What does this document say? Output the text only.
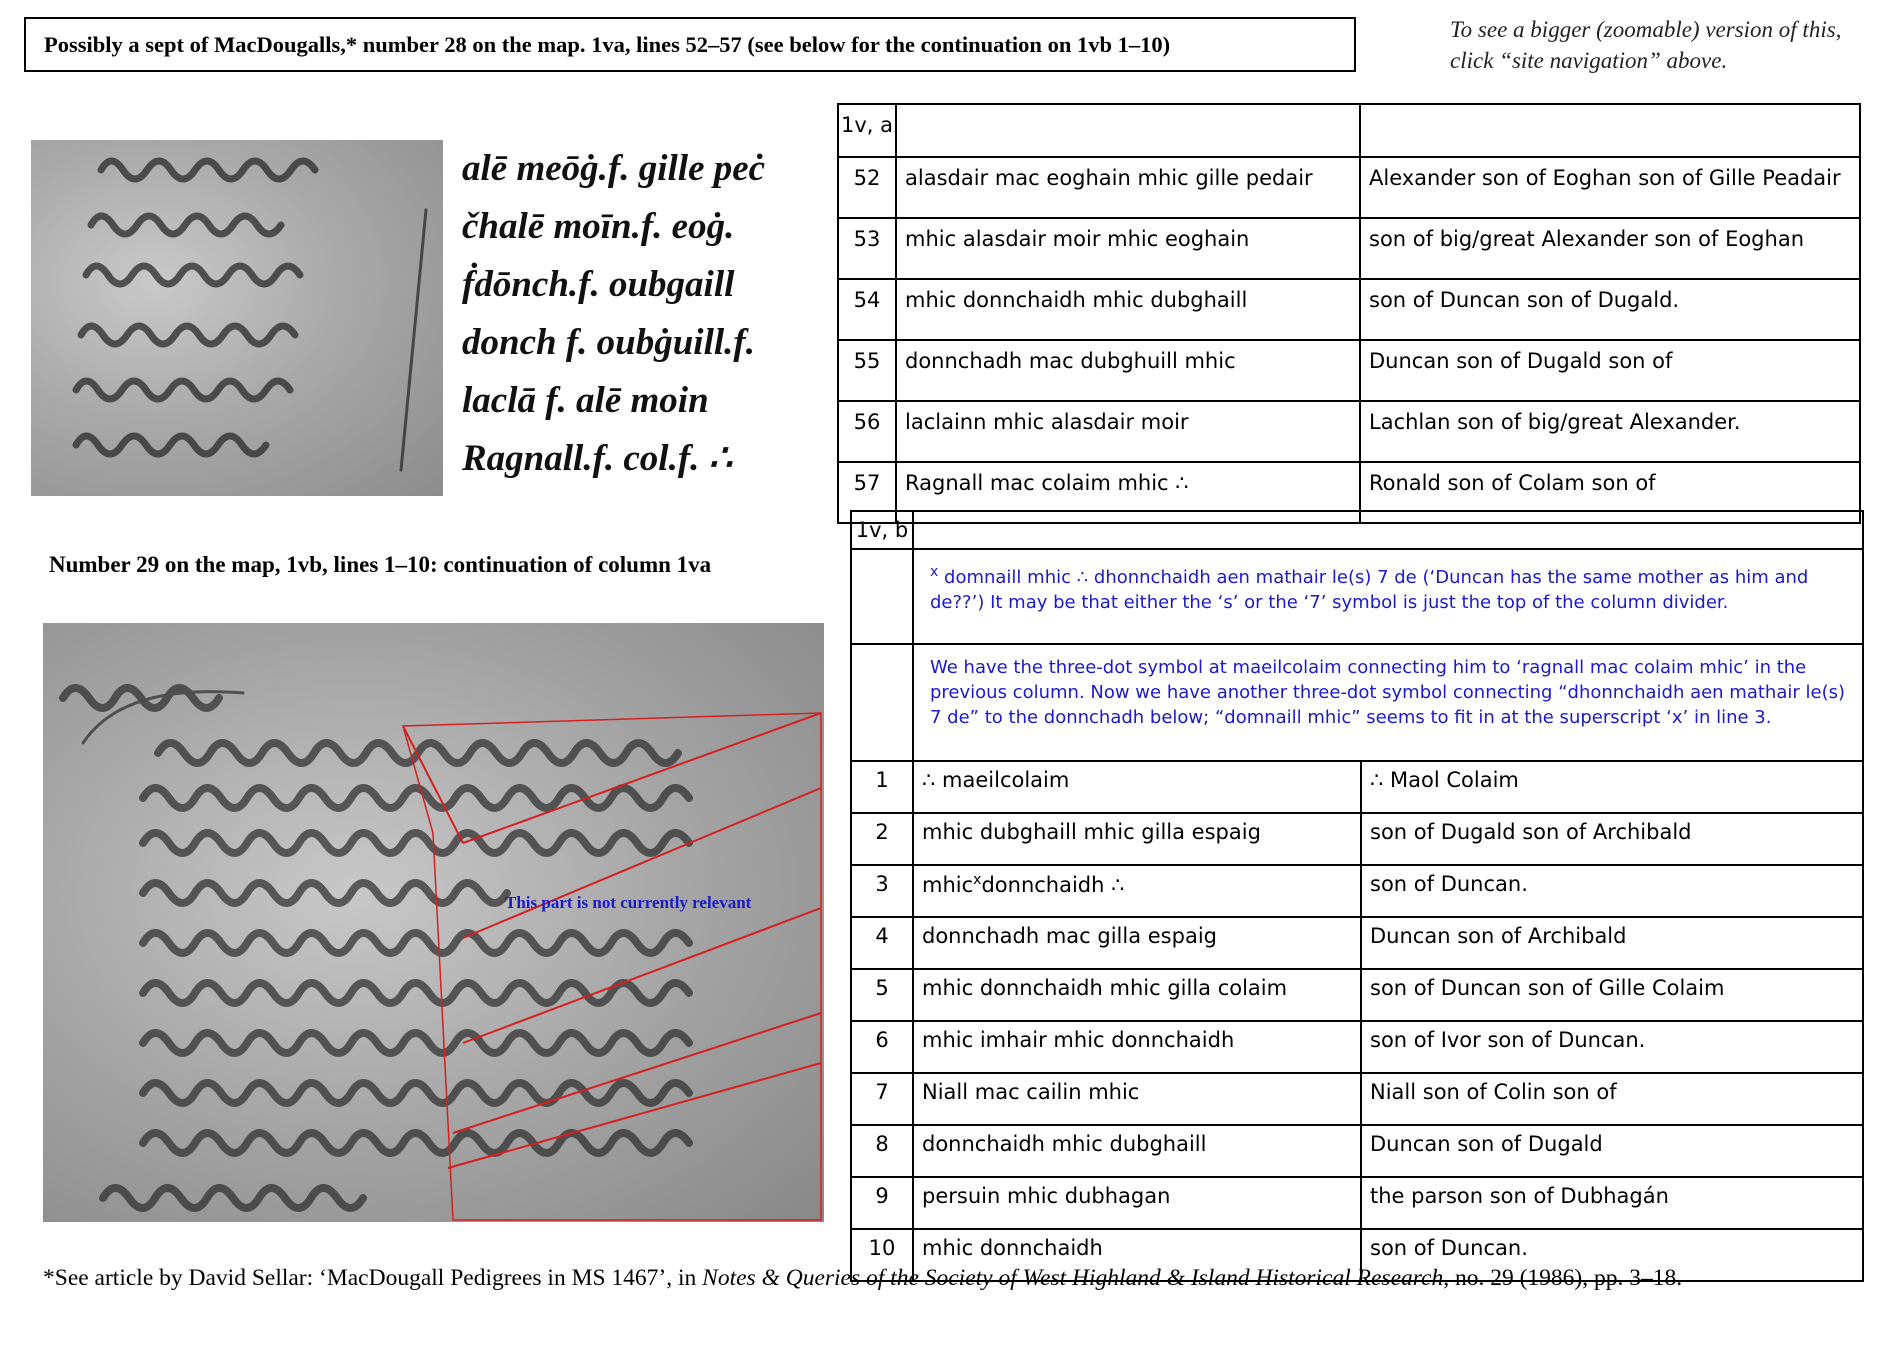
Possibly a sept of MacDougalls,* number 28 on the map. 1va, lines 52–57 (see below for the continuation on 1vb 1–10)
To see a bigger (zoomable) version of this, click “site navigation” above.
alē meōġ.f. gille peċ
čhalē moīn.f. eoġ.
ḟdōnch.f. oubgaill
donch f. oubġuill.f.
laclā f. alē moin
Ragnall.f. col.f. ∴
Number 29 on the map, 1vb, lines 1–10: continuation of column 1va
This part is not currently relevant
1v, a		
52	alasdair mac eoghain mhic gille pedair	Alexander son of Eoghan son of Gille Peadair
53	mhic alasdair moir mhic eoghain	son of big/great Alexander son of Eoghan
54	mhic donnchaidh mhic dubghaill	son of Duncan son of Dugald.
55	donnchadh mac dubghuill mhic	Duncan son of Dugald son of
56	laclainn mhic alasdair moir	Lachlan son of big/great Alexander.
57	Ragnall mac colaim mhic ∴	Ronald son of Colam son of
1v, b		
	$^x$ domnaill mhic ∴ dhonnchaidh aen mathair le(s) 7 de (‘Duncan has the same mother as him and de??’) It may be that either the ‘s’ or the ‘7’ symbol is just the top of the column divider.	
	We have the three-dot symbol at maeilcolaim connecting him to ‘ragnall mac colaim mhic’ in the previous column. Now we have another three-dot symbol connecting “dhonnchaidh aen mathair le(s) 7 de” to the donnchadh below; “domnaill mhic” seems to fit in at the superscript ‘x’ in line 3.	
1	∴ maeilcolaim	∴ Maol Colaim
2	mhic dubghaill mhic gilla espaig	son of Dugald son of Archibald
3	mhic$^x$donnchaidh ∴	son of Duncan.
4	donnchadh mac gilla espaig	Duncan son of Archibald
5	mhic donnchaidh mhic gilla colaim	son of Duncan son of Gille Colaim
6	mhic imhair mhic donnchaidh	son of Ivor son of Duncan.
7	Niall mac cailin mhic	Niall son of Colin son of
8	donnchaidh mhic dubghaill	Duncan son of Dugald
9	persuin mhic dubhagan	the parson son of Dubhagán
10	mhic donnchaidh	son of Duncan.
*See article by David Sellar: ‘MacDougall Pedigrees in MS 1467’, in Notes & Queries of the Society of West Highland & Island Historical Research, no. 29 (1986), pp. 3–18.
